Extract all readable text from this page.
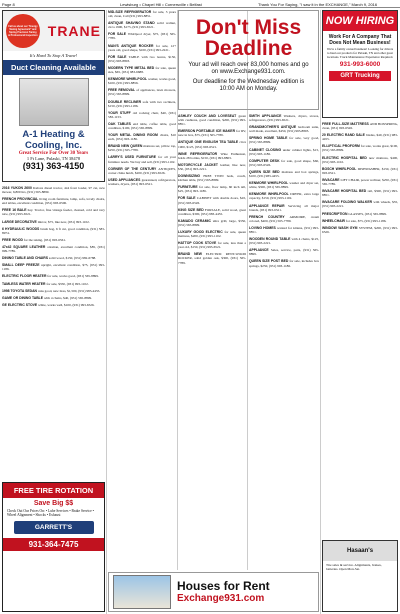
Page 8	Lewisburg • Chapel Hill • Cornersville • Belfast	Thank You For Saying, "I saw it in the EXCHANGE," March 9, 2016
Call us about our "Energy Saving Agreement" and Spring Precision Tuning & Professional Inspection TRANE
It's Hard To Stop A Trane!
Duct Cleaning Available
A-1 Heating & Cooling, Inc.
Great Service For Over 30 Years
1 Ft Lane, Pulaski, TN 38478
(931) 363-4150

2016 YUKON 2600 Kubota diesel tractor, 4x4 front loader, 97 cut, new mower, 6,800 hrs, (931) 565-8899.

FRENCH PROVINCIAL living room furniture, lamp, sofa, lovely chairs, end tables, excellent condition, (931) 993-6506.

FREE 16 BALE hay. Tractor, fine vintage feeder, cleaned, cold and very nice, (931) 993-6521.

LARGE DECORATIVE mirror, $75, like new, (931) 993-1102.

6 HYDRAULIC WOODS brush hog, 6 ft cut, good condition, (931) 583-8974.

FREE WOOD for the taking, (931) 993-6561.

47x42 SQUARE LEATHER ottoman, excellent condition, $85, (931) 999-7789.

DINING TABLE AND CHAIRS solid wood, $150, (931) 982-6788.

SMALL DEEP FREEZE upright, excellent condition, $75, (931) 993-1186.

ELECTRIC FLOOR HEATER for sale, works good, (931) 565-8899.

TAMLESS WATER HEATER for sale, $350, (931) 993-1102.

1998 TOYOTA SEDAN runs good, new tires, $1,500, (931) 983-4455.

GAME OR DINING TABLE with 4 chairs, $40, (931) 565-8899.

GE ELECTRIC STOVE white, works well, $100, (931) 993-6526.

FREE TIRE ROTATION
Save Big $$
Check Out Our Prices On: • Lube Services • Brake Service • Wheel Alignment • Shocks • Exhaust
GARRETT'S
931-364-7475

MID-SIZE REFRIGERATOR for sale, 3 years old, clean, Call (931) 993-8851.

ANTIQUE SHAVING STAND solid walnut, circa 1900, $175, (931) 993-6521.

FOR SALE Whirlpool dryer, $75, (931) 565-7789.

MAN'S ANTIQUE ROCKER for sale, 12+ years old, good shape, $100, (931) 993-2221.

FOR SALE TABLE with two leaves, $150, (931) 993-8803.

MODERN TYPE METAL BED for sale, queen size, $65, (931) 983-6688.

KENMORE WHIRLPOOL washer, works good, $100, (931) 993-8856.

FREE REMOVAL of appliances, lawn mowers, (931) 565-8899.

DOUBLE RECLINER sofa with two recliners, $150, (931) 993-1186.

YOUR STUFF old rocking chair, $40, (931) 583-1153.

OAK TABLES end table, coffee table, good condition, $100, (931) 565-8899.

YOUR METAL DINING ROOM chairs, $10 each, (931) 993-1186.

BRAND NEW QUEEN mattress set, pillow top, $250, (931) 565-7789.

LARRY'S USED FURNITURE for all your furniture needs. We buy and sell, (931) 993-1102.

CORNER OF THE CENTURY ANTIQUES, corner china hutch, $200, (931) 993-6526.

USED APPLIANCES guaranteed, refrigerators, washers, dryers, (931) 993-6521.

Don't Miss Deadline
Your ad will reach over 83,000 homes and go on www.Exchange931.com.
Our deadline for the Wednesday edition is 10:00 AM on Monday.

ASHLEY COUCH AND LOVESEAT green with cushions, good condition, $200, (931) 993-8851.

EMERSON PORTABLE ICE MAKER for RV, new in box, $75, (931) 565-7789.

ANTIQUE ONE ENGLISH TEA TABLE circa 1900, $125, (931) 993-6521.

WINE REFRIGERATOR Wine Enthusiast, holds 28 bottles, $150, (931) 993-8803.

MOTORCYCLE JACKET leather, like new, $50, (931) 993-2221.

DOWNSIZING FREE TWIN beds, couch, kitchen table, (931) 565-8899.

FURNITURE for sale, floor lamp, 60 inch tall, $25, (931) 993-1186.

FOR SALE CABINET with double doors, $45, (931) 993-6526.

KING SIZE BED FORSALE, solid wood, great condition, $300, (931) 983-4455.

KAMADO CERAMIC ultra grill, large, $350, (931) 565-8899.

LUXURY GOOD ELECTRIC for sale, queen mattress, $200, (931) 993-1102.

HATTOP COOK STOVE for sale, less than a year old, $150, (931) 993-6521.

BRAND NEW ELECTRIC RENT-WOOD ROCKER, solid golden oak, $300, (931) 565-7789.

SMITH APPLIANCE Washers, dryers, stoves, refrigerators, (931) 993-6521.

GRANDMOTHER'S ANTIQUE bedroom suite, well made, excellent, $450, (931) 993-8803.

SPRING HOME TABLE for sale, very good, (931) 565-8899.

CABINET CLOSING under cabinet lights, $15, (931) 993-1186.

COMPUTER DESK for sale, good shape, $60, (931) 993-6526.

QUEEN SIZE BED mattress and box springs, $100, (931) 983-4455.

KENMORE WHIRLPOOL washer and dryer set, white, $300, (931) 565-8899.

KENMORE WHIRLPOOL DRYER, extra large capacity, $150, (931) 993-1102.

APPLIANCE REPAIR Servicing all major brands, (931) 993-6521.

FRENCH COUNTRY ARMOIRE, cream colored, $400, (931) 565-7789.

LOVING HOMES wanted for kittens, (931) 993-8851.

WOODEN ROUND TABLE with 4 chairs, $125, (931) 993-2221.

APPLIANCE Sales, service, parts, (931) 565-8899.

QUEEN SIZE POST BED for sale, includes box springs, $250, (931) 993-1186.

NOW HIRING
Work For A Company That Does Not Mean Business!
We're a family owned business! Looking for drivers to haul our products for Pulaski, TN and other great locations. Truck Maintenance Experience Required.
931-993-6000
GRT Trucking

FREE FULL-SIZE MATTRESS AND BOXSPRING, clean, (931) 993-6526.

20 ELECTRIC RAND SALE blades, $40, (931) 983-4455.

ELLIPTICAL PROFORM for sale, works great, $100, (931) 565-8899.

ELECTRIC HOSPITAL BED new mattress, $400, (931) 993-1102.

BOSCH WHIRLPOOL DISHWASHER, $150, (931) 993-6521.

INVACARE LIFT CHAIR, power recliner, $250, (931) 565-7789.

INVACARE HOSPITAL BED rail, $300, (931) 993-8851.

INVACARE FOLDING WALKER with wheels, $35, (931) 993-2221.

PRESCRIPTION GLASSES, (931) 565-8899.

WHEELCHAIR for sale, $75, (931) 993-1186.

WINDOW WASH GYM SYSTEM, $200, (931) 993-6526.

Hasaan's
Tire sales & service. Alignments, brakes, batteries. Open Mon-Sat.
Houses for Rent
Exchange931.com
